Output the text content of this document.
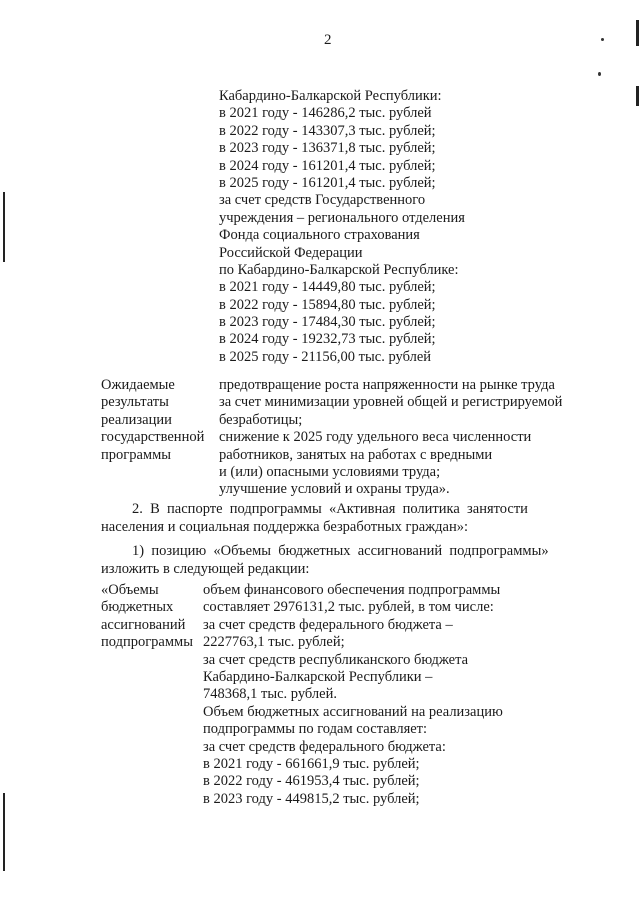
2
Кабардино-Балкарской Республики:
в 2021 году - 146286,2 тыс. рублей
в 2022 году - 143307,3 тыс. рублей;
в 2023 году - 136371,8 тыс. рублей;
в 2024 году - 161201,4 тыс. рублей;
в 2025 году - 161201,4 тыс. рублей;
за счет средств Государственного
учреждения – регионального отделения
Фонда социального страхования
Российской Федерации
по Кабардино-Балкарской Республике:
в 2021 году - 14449,80 тыс. рублей;
в 2022 году - 15894,80 тыс. рублей;
в 2023 году - 17484,30 тыс. рублей;
в 2024 году - 19232,73 тыс. рублей;
в 2025 году - 21156,00 тыс. рублей
Ожидаемые
результаты
реализации
государственной
программы
предотвращение роста напряженности на рынке труда
за счет минимизации уровней общей и регистрируемой
безработицы;
снижение к 2025 году удельного веса численности
работников, занятых на работах с вредными
и (или) опасными условиями труда;
улучшение условий и охраны труда».
2.  В  паспорте  подпрограммы  «Активная  политика  занятости
населения и социальная поддержка безработных граждан»:
1)  позицию  «Объемы  бюджетных  ассигнований  подпрограммы»
изложить в следующей редакции:
«Объемы
бюджетных
ассигнований
подпрограммы
объем финансового обеспечения подпрограммы
составляет 2976131,2 тыс. рублей, в том числе:
за счет средств федерального бюджета –
2227763,1 тыс. рублей;
за счет средств республиканского бюджета
Кабардино-Балкарской Республики –
748368,1 тыс. рублей.
Объем бюджетных ассигнований на реализацию
подпрограммы по годам составляет:
за счет средств федерального бюджета:
в 2021 году - 661661,9 тыс. рублей;
в 2022 году - 461953,4 тыс. рублей;
в 2023 году - 449815,2 тыс. рублей;
